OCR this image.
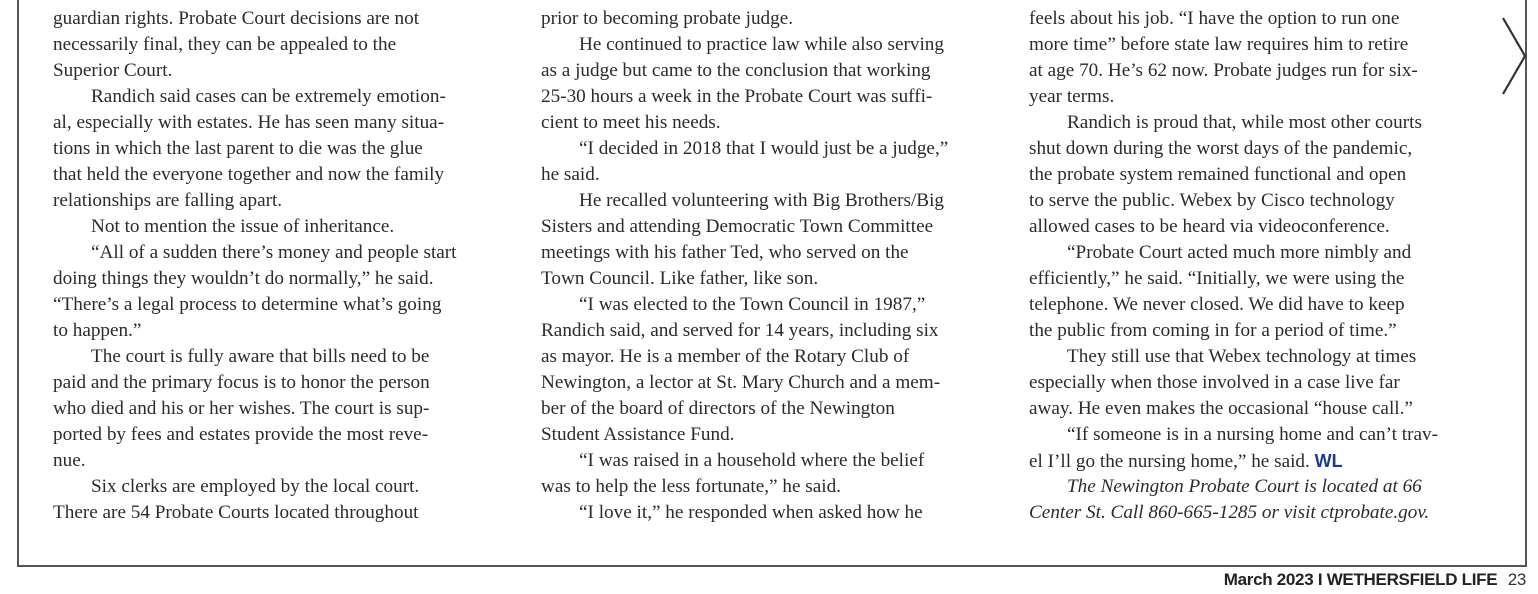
guardian rights. Probate Court decisions are not
necessarily final, they can be appealed to the
Superior Court.
Randich said cases can be extremely emotion-
al, especially with estates. He has seen many situa-
tions in which the last parent to die was the glue
that held the everyone together and now the family
relationships are falling apart.
Not to mention the issue of inheritance.
“All of a sudden there’s money and people start
doing things they wouldn’t do normally,” he said.
“There’s a legal process to determine what’s going
to happen.”
The court is fully aware that bills need to be
paid and the primary focus is to honor the person
who died and his or her wishes. The court is sup-
ported by fees and estates provide the most reve-
nue.
Six clerks are employed by the local court.
There are 54 Probate Courts located throughout
prior to becoming probate judge.
He continued to practice law while also serving
as a judge but came to the conclusion that working
25-30 hours a week in the Probate Court was suffi-
cient to meet his needs.
“I decided in 2018 that I would just be a judge,”
he said.
He recalled volunteering with Big Brothers/Big
Sisters and attending Democratic Town Committee
meetings with his father Ted, who served on the
Town Council. Like father, like son.
“I was elected to the Town Council in 1987,”
Randich said, and served for 14 years, including six
as mayor. He is a member of the Rotary Club of
Newington, a lector at St. Mary Church and a mem-
ber of the board of directors of the Newington
Student Assistance Fund.
“I was raised in a household where the belief
was to help the less fortunate,” he said.
“I love it,” he responded when asked how he
feels about his job. “I have the option to run one
more time” before state law requires him to retire
at age 70. He’s 62 now. Probate judges run for six-
year terms.
Randich is proud that, while most other courts
shut down during the worst days of the pandemic,
the probate system remained functional and open
to serve the public. Webex by Cisco technology
allowed cases to be heard via videoconference.
“Probate Court acted much more nimbly and
efficiently,” he said. “Initially, we were using the
telephone. We never closed. We did have to keep
the public from coming in for a period of time.”
They still use that Webex technology at times
especially when those involved in a case live far
away. He even makes the occasional “house call.”
“If someone is in a nursing home and can’t trav-
el I’ll go the nursing home,” he said. WL
The Newington Probate Court is located at 66
Center St. Call 860-665-1285 or visit ctprobate.gov.
March 2023 I WETHERSFIELD LIFE 23
